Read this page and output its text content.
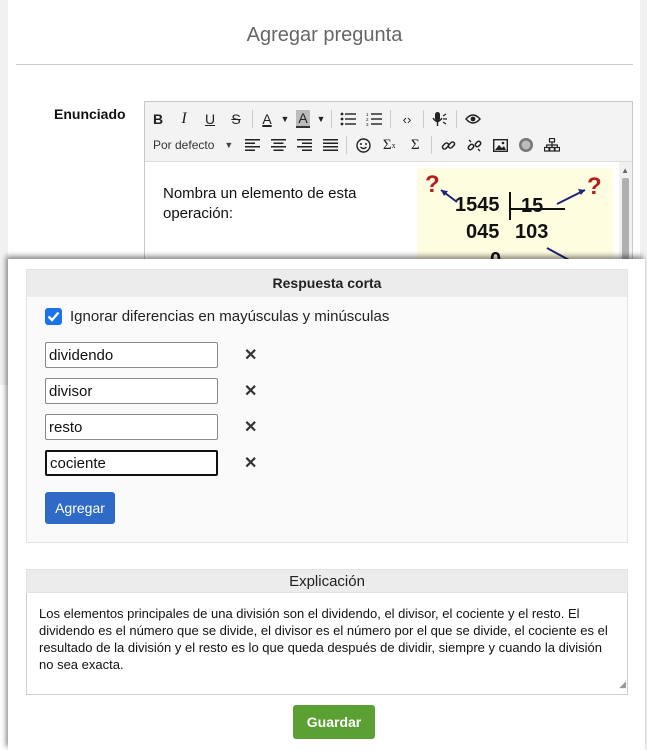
Agregar pregunta
Enunciado	B	I	U	S	A ▼ A ▼	1
2
3	‹›
Por defecto ▼	Σ x	Σ
Nombra un elemento de esta operación:
?	?
1545 15
045 103
▲
Respuesta corta
Ignorar diferencias en mayúsculas y minúsculas
dividendo
✕
divisor
✕
resto
✕
cociente
✕
Agregar
Explicación
Los elementos principales de una división son el dividendo, el divisor, el cociente y el resto. El dividendo es el número que se divide, el divisor es el número por el que se divide, el cociente es el resultado de la división y el resto es lo que queda después de dividir, siempre y cuando la división no sea exacta.
◢
Guardar
